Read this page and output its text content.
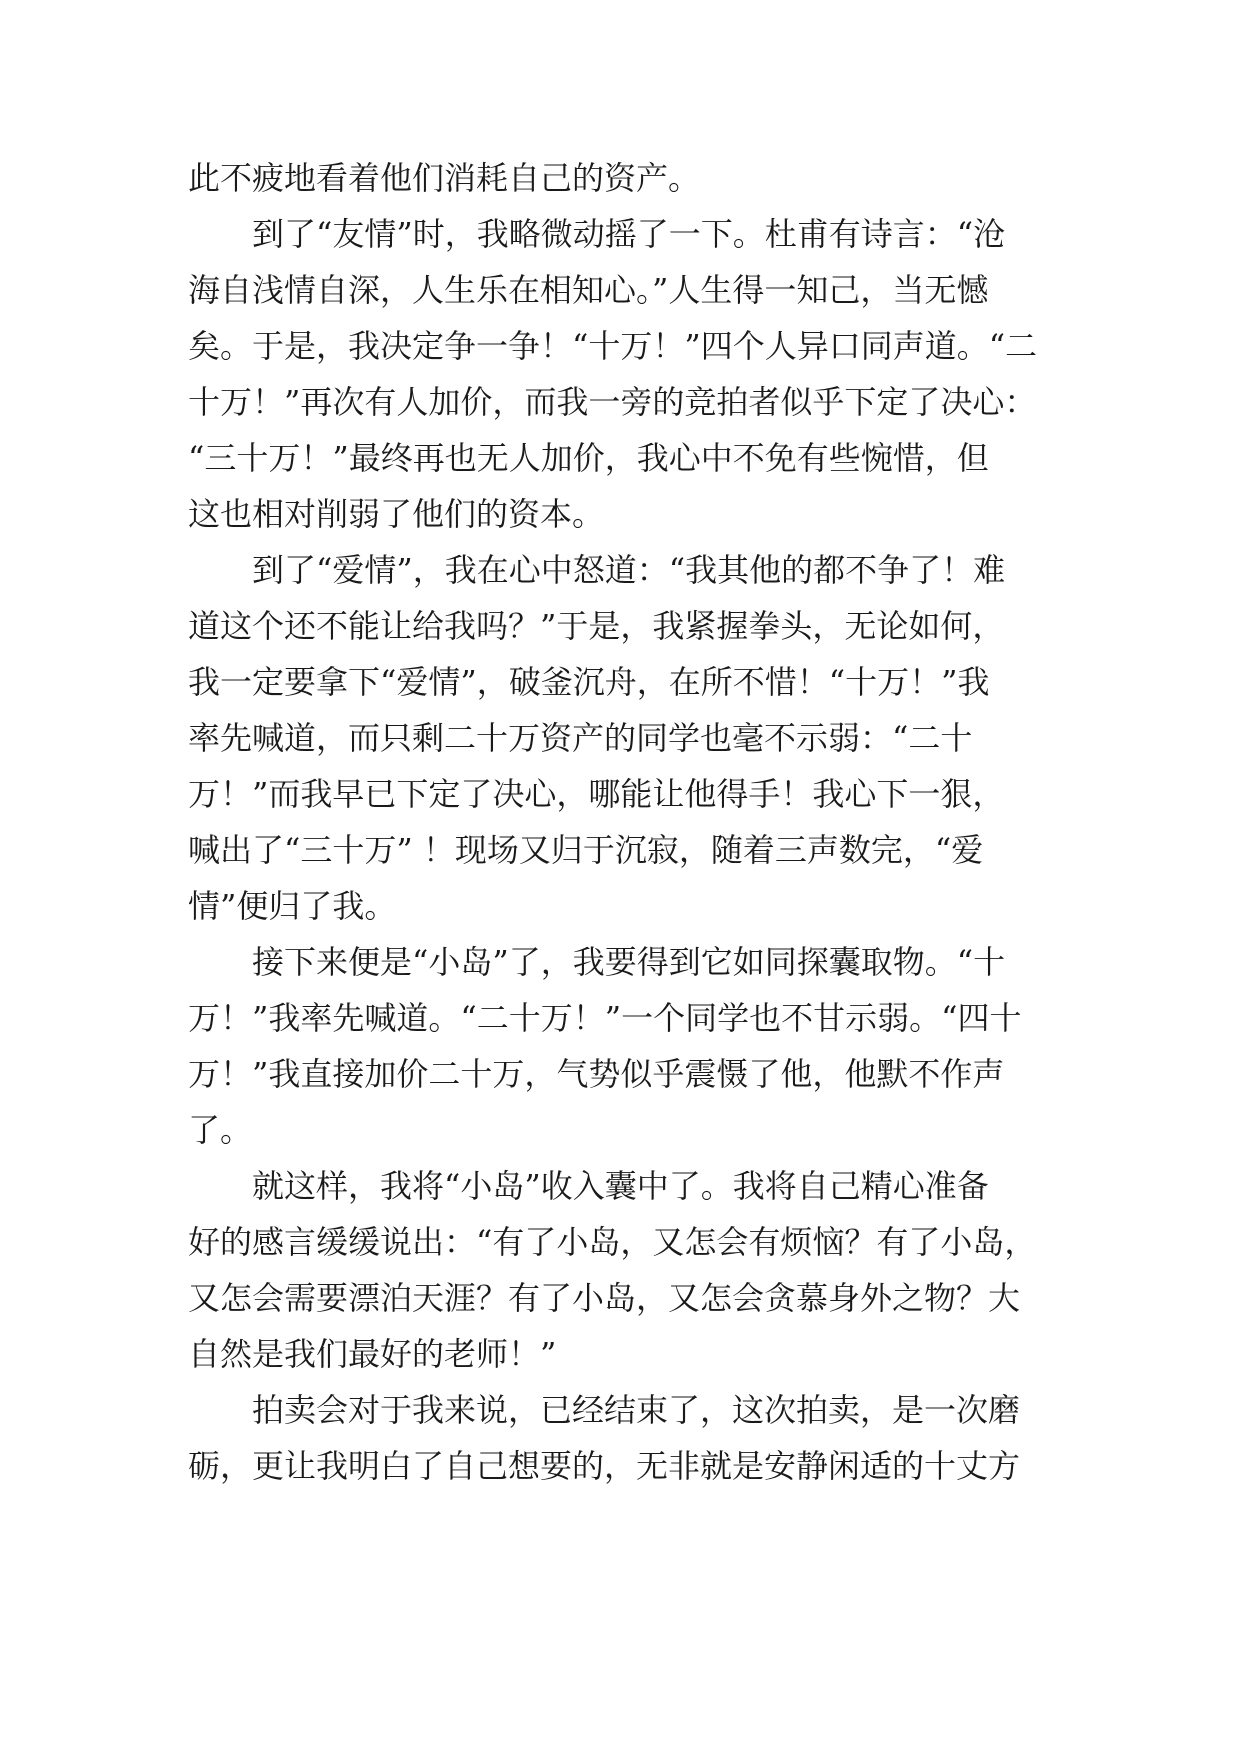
此不疲地看着他们消耗自己的资产。
　　到了“友情”时，我略微动摇了一下。杜甫有诗言：“沧
海自浅情自深，人生乐在相知心。”人生得一知己，当无憾
矣。于是，我决定争一争！“十万！”四个人异口同声道。“二
十万！”再次有人加价，而我一旁的竞拍者似乎下定了决心：
“三十万！”最终再也无人加价，我心中不免有些惋惜，但
这也相对削弱了他们的资本。
　　到了“爱情”，我在心中怒道：“我其他的都不争了！难
道这个还不能让给我吗？”于是，我紧握拳头，无论如何，
我一定要拿下“爱情”，破釜沉舟，在所不惜！“十万！”我
率先喊道，而只剩二十万资产的同学也毫不示弱：“二十
万！”而我早已下定了决心，哪能让他得手！我心下一狠，
喊出了“三十万” ！现场又归于沉寂，随着三声数完，“爱
情”便归了我。
　　接下来便是“小岛”了，我要得到它如同探囊取物。“十
万！”我率先喊道。“二十万！”一个同学也不甘示弱。“四十
万！”我直接加价二十万，气势似乎震慑了他，他默不作声
了。
　　就这样，我将“小岛”收入囊中了。我将自己精心准备
好的感言缓缓说出：“有了小岛，又怎会有烦恼？有了小岛，
又怎会需要漂泊天涯？有了小岛，又怎会贪慕身外之物？大
自然是我们最好的老师！”
　　拍卖会对于我来说，已经结束了，这次拍卖，是一次磨
砺，更让我明白了自己想要的，无非就是安静闲适的十丈方
